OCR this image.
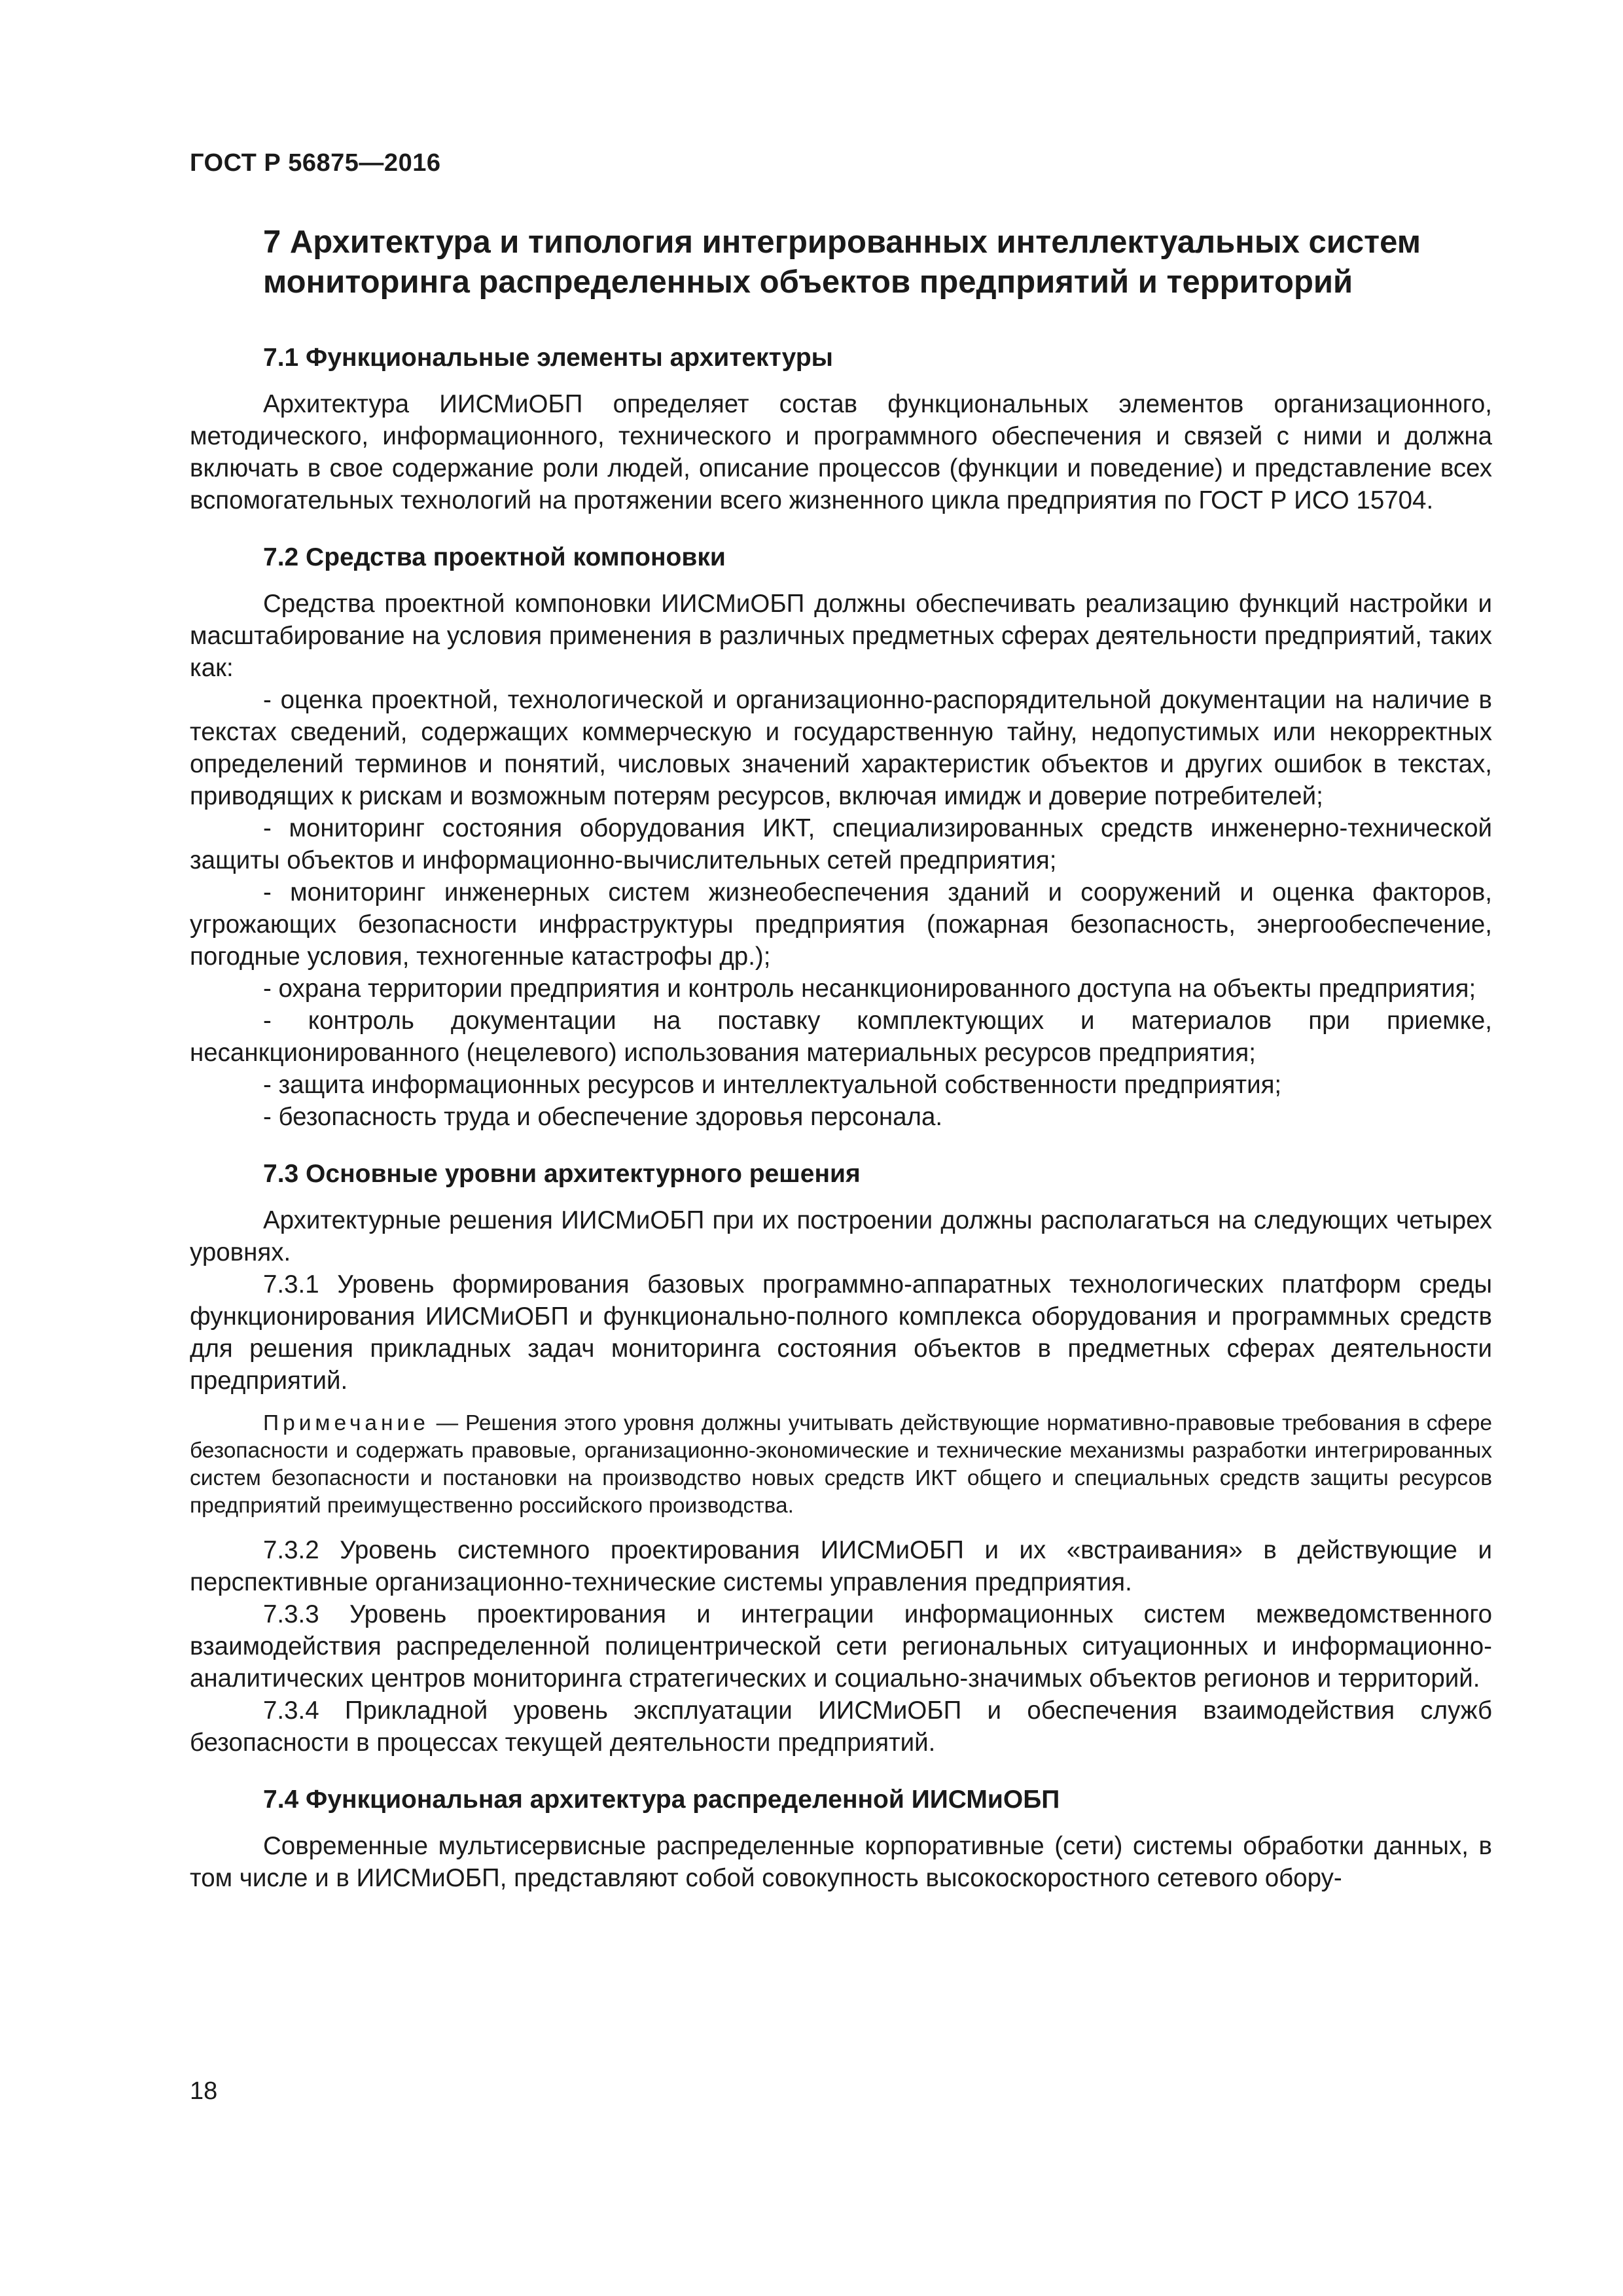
ГОСТ Р 56875—2016
7 Архитектура и типология интегрированных интеллектуальных систем
мониторинга распределенных объектов предприятий и территорий
7.1 Функциональные элементы архитектуры

Архитектура ИИСМиОБП определяет состав функциональных элементов организационного, методического, информационного, технического и программного обеспечения и связей с ними и должна включать в свое содержание роли людей, описание процессов (функции и поведение) и представление всех вспомогательных технологий на протяжении всего жизненного цикла предприятия по ГОСТ Р ИСО 15704.

7.2 Средства проектной компоновки

Средства проектной компоновки ИИСМиОБП должны обеспечивать реализацию функций настройки и масштабирование на условия применения в различных предметных сферах деятельности предприятий, таких как:

- оценка проектной, технологической и организационно-распорядительной документации на наличие в текстах сведений, содержащих коммерческую и государственную тайну, недопустимых или некорректных определений терминов и понятий, числовых значений характеристик объектов и других ошибок в текстах, приводящих к рискам и возможным потерям ресурсов, включая имидж и доверие потребителей;

- мониторинг состояния оборудования ИКТ, специализированных средств инженерно-технической защиты объектов и информационно-вычислительных сетей предприятия;

- мониторинг инженерных систем жизнеобеспечения зданий и сооружений и оценка факторов, угрожающих безопасности инфраструктуры предприятия (пожарная безопасность, энергообеспечение, погодные условия, техногенные катастрофы др.);

- охрана территории предприятия и контроль несанкционированного доступа на объекты предприятия;

- контроль документации на поставку комплектующих и материалов при приемке, несанкционированного (нецелевого) использования материальных ресурсов предприятия;

- защита информационных ресурсов и интеллектуальной собственности предприятия;

- безопасность труда и обеспечение здоровья персонала.

7.3 Основные уровни архитектурного решения

Архитектурные решения ИИСМиОБП при их построении должны располагаться на следующих четырех уровнях.

7.3.1 Уровень формирования базовых программно-аппаратных технологических платформ среды функционирования ИИСМиОБП и функционально-полного комплекса оборудования и программных средств для решения прикладных задач мониторинга состояния объектов в предметных сферах деятельности предприятий.

Примечание — Решения этого уровня должны учитывать действующие нормативно-правовые требования в сфере безопасности и содержать правовые, организационно-экономические и технические механизмы разработки интегрированных систем безопасности и постановки на производство новых средств ИКТ общего и специальных средств защиты ресурсов предприятий преимущественно российского производства.

7.3.2 Уровень системного проектирования ИИСМиОБП и их «встраивания» в действующие и перспективные организационно-технические системы управления предприятия.

7.3.3 Уровень проектирования и интеграции информационных систем межведомственного взаимодействия распределенной полицентрической сети региональных ситуационных и информационно-аналитических центров мониторинга стратегических и социально-значимых объектов регионов и территорий.

7.3.4 Прикладной уровень эксплуатации ИИСМиОБП и обеспечения взаимодействия служб безопасности в процессах текущей деятельности предприятий.

7.4 Функциональная архитектура распределенной ИИСМиОБП

Современные мультисервисные распределенные корпоративные (сети) системы обработки данных, в том числе и в ИИСМиОБП, представляют собой совокупность высокоскоростного сетевого обору-

18
